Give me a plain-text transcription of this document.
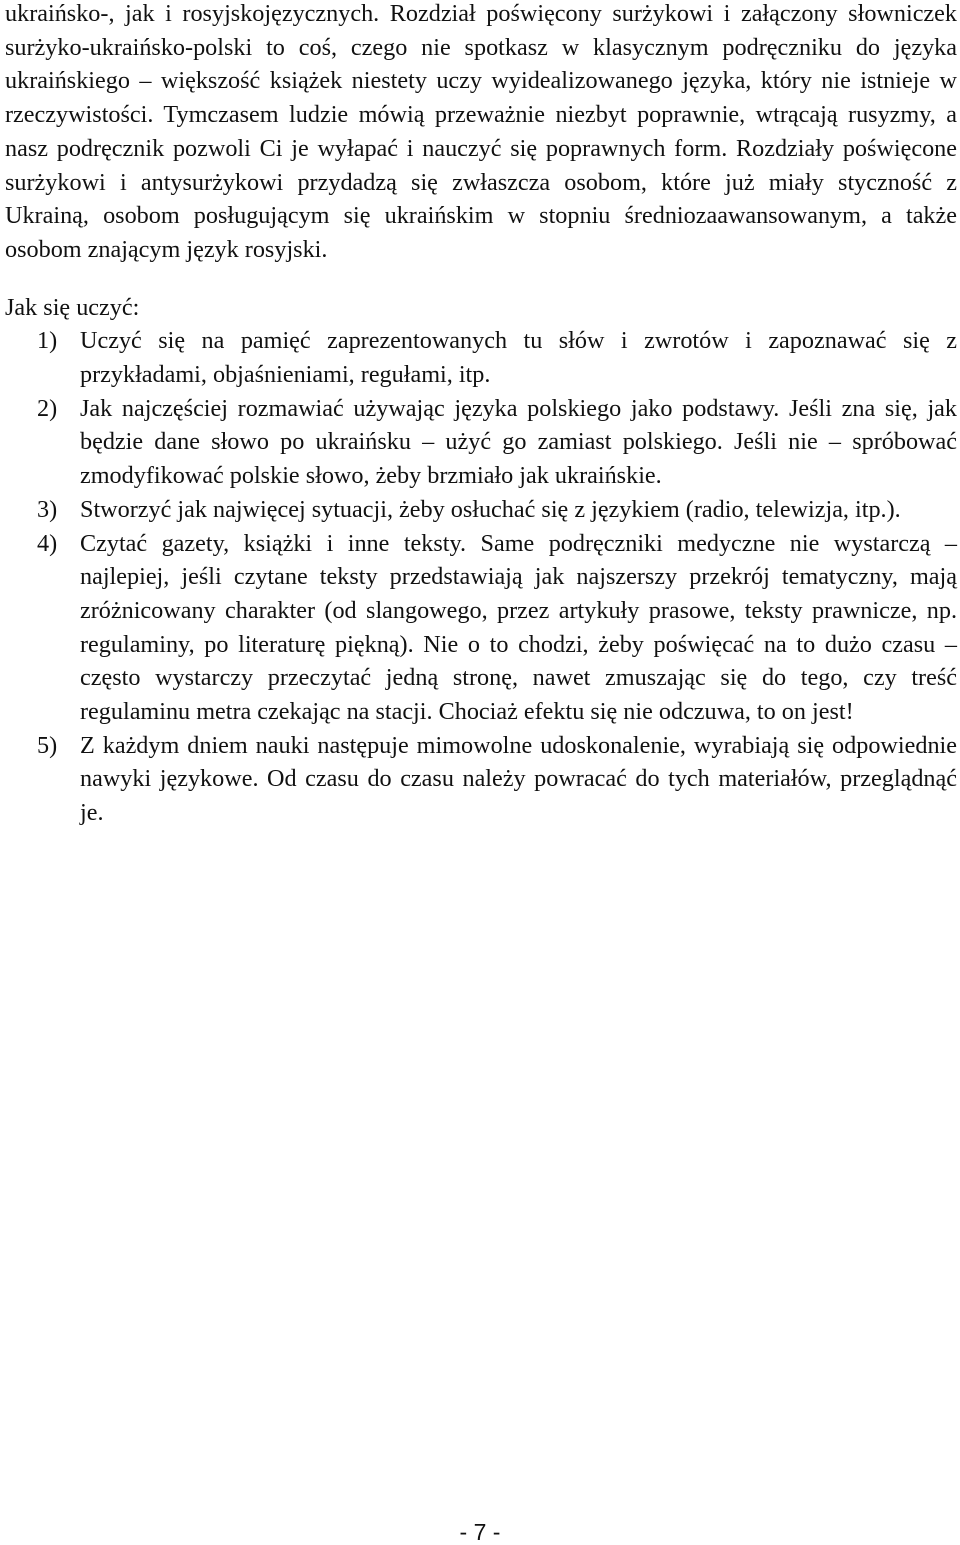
ukraińsko-, jak i rosyjskojęzycznych. Rozdział poświęcony surżykowi i załączony słowniczek surżyko-ukraińsko-polski to coś, czego nie spotkasz w klasycznym podręczniku do języka ukraińskiego – większość książek niestety uczy wyidealizowanego języka, który nie istnieje w rzeczywistości. Tymczasem ludzie mówią przeważnie niezbyt poprawnie, wtrącają rusyzmy, a nasz podręcznik pozwoli Ci je wyłapać i nauczyć się poprawnych form. Rozdziały poświęcone surżykowi i antysurżykowi przydadzą się zwłaszcza osobom, które już miały styczność z Ukrainą, osobom posługującym się ukraińskim w stopniu średniozaawansowanym, a także osobom znającym język rosyjski.

Jak się uczyć:

1) Uczyć się na pamięć zaprezentowanych tu słów i zwrotów i zapoznawać się z przykładami, objaśnieniami, regułami, itp.
2) Jak najczęściej rozmawiać używając języka polskiego jako podstawy. Jeśli zna się, jak będzie dane słowo po ukraińsku – użyć go zamiast polskiego. Jeśli nie – spróbować zmodyfikować polskie słowo, żeby brzmiało jak ukraińskie.
3) Stworzyć jak najwięcej sytuacji, żeby osłuchać się z językiem (radio, telewizja, itp.).
4) Czytać gazety, książki i inne teksty. Same podręczniki medyczne nie wystarczą – najlepiej, jeśli czytane teksty przedstawiają jak najszerszy przekrój tematyczny, mają zróżnicowany charakter (od slangowego, przez artykuły prasowe, teksty prawnicze, np. regulaminy, po literaturę piękną). Nie o to chodzi, żeby poświęcać na to dużo czasu – często wystarczy przeczytać jedną stronę, nawet zmuszając się do tego, czy treść regulaminu metra czekając na stacji. Chociaż efektu się nie odczuwa, to on jest!
5) Z każdym dniem nauki następuje mimowolne udoskonalenie, wyrabiają się odpowiednie nawyki językowe. Od czasu do czasu należy powracać do tych materiałów, przeglądnąć je.
- 7 -
